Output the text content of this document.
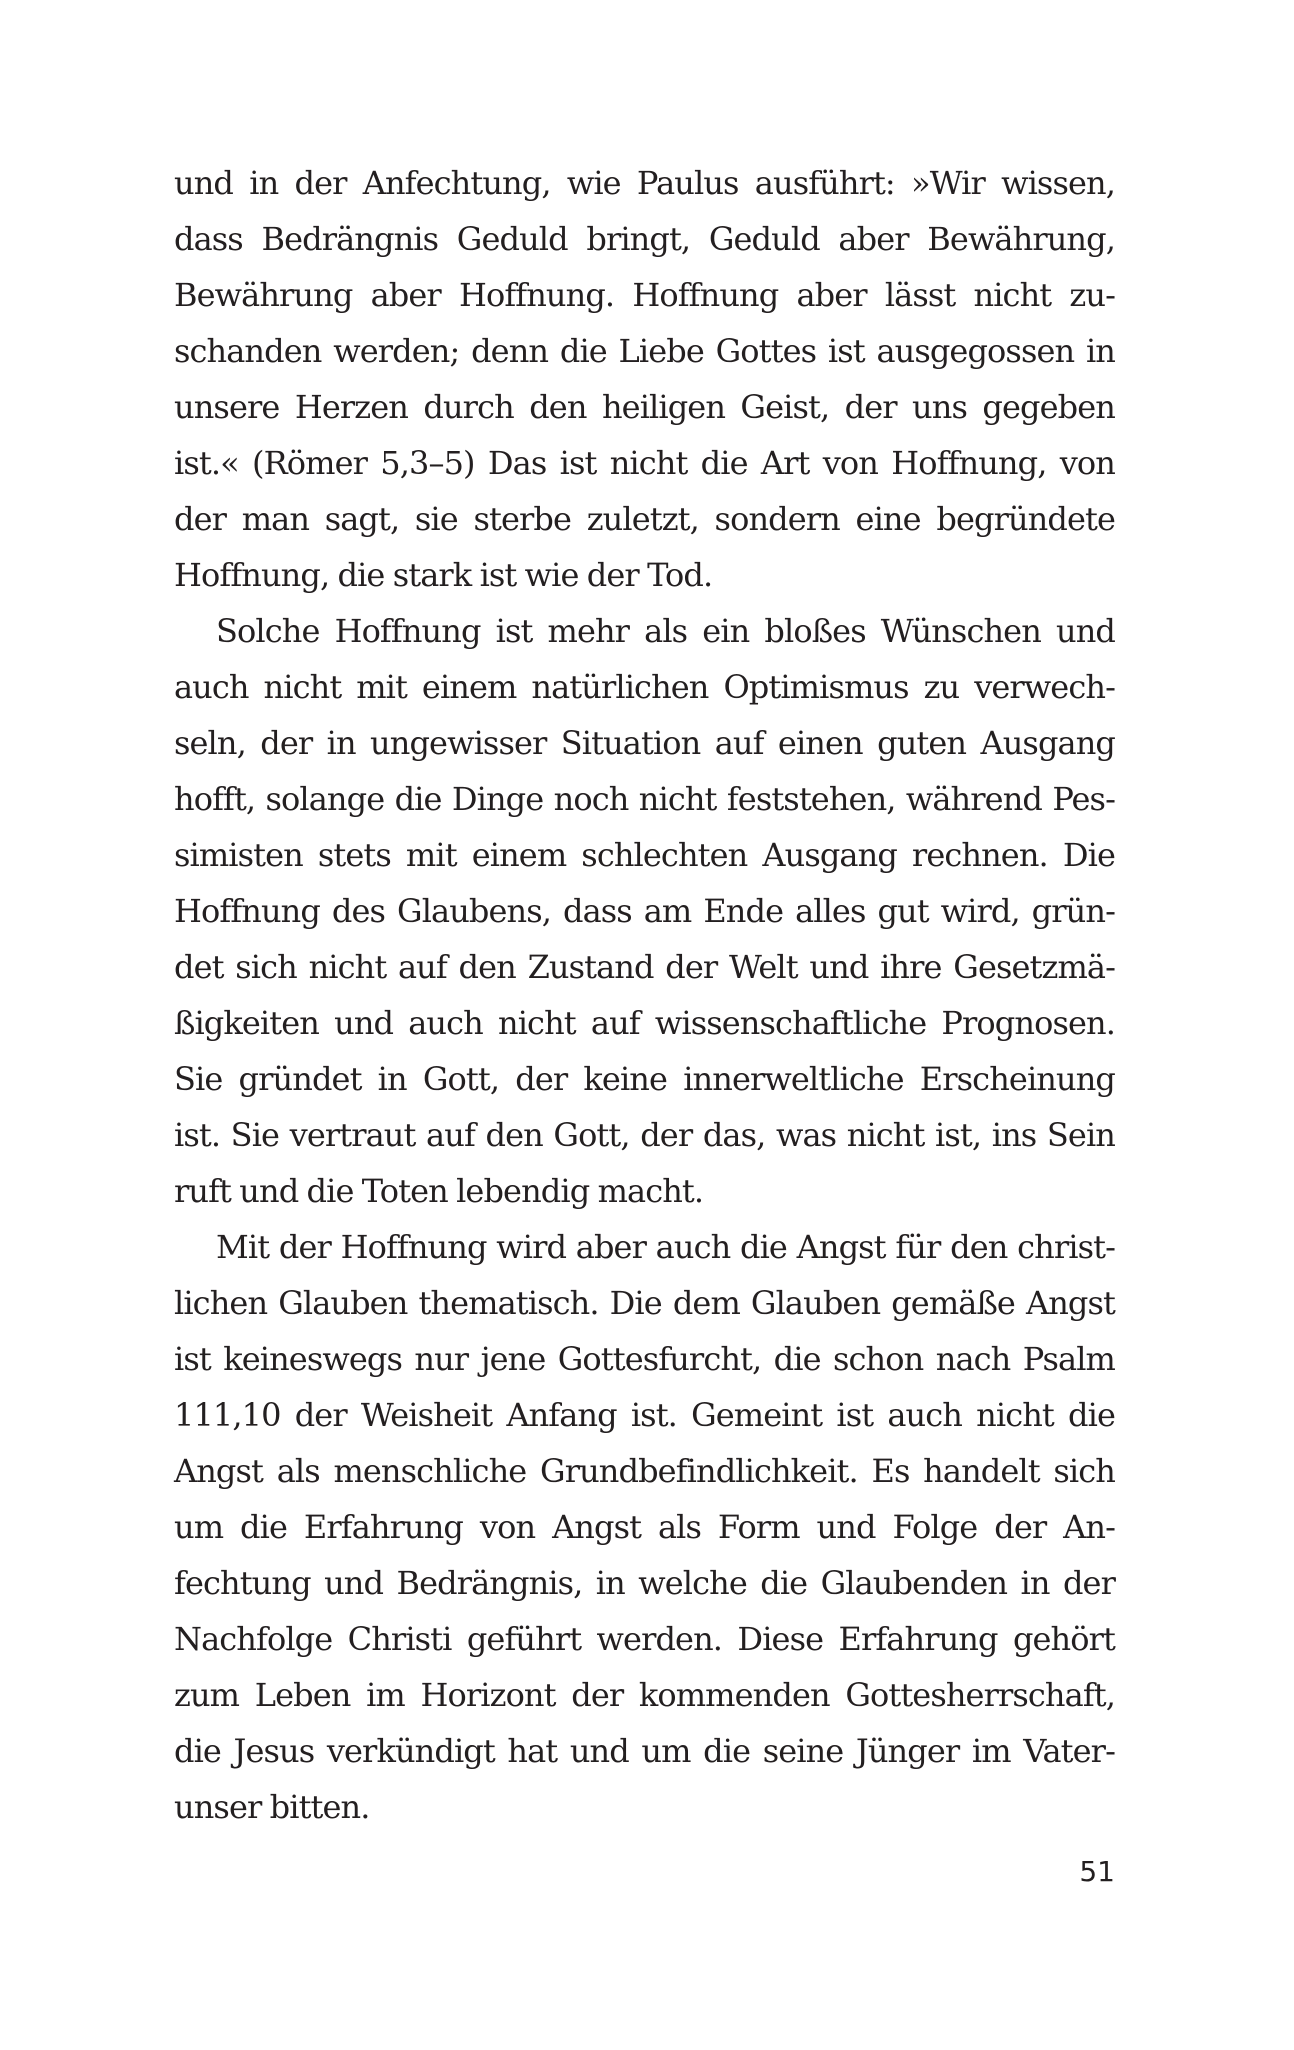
und in der Anfechtung, wie Paulus ausführt: »Wir wissen,
dass Bedrängnis Geduld bringt, Geduld aber Bewährung,
Bewährung aber Hoffnung. Hoffnung aber lässt nicht zu-
schanden werden; denn die Liebe Gottes ist ausgegossen in
unsere Herzen durch den heiligen Geist, der uns gegeben
ist.« (Römer 5,3–5) Das ist nicht die Art von Hoffnung, von
der man sagt, sie sterbe zuletzt, sondern eine begründete
Hoffnung, die stark ist wie der Tod.
Solche Hoffnung ist mehr als ein bloßes Wünschen und
auch nicht mit einem natürlichen Optimismus zu verwech-
seln, der in ungewisser Situation auf einen guten Ausgang
hofft, solange die Dinge noch nicht feststehen, während Pes-
simisten stets mit einem schlechten Ausgang rechnen. Die
Hoffnung des Glaubens, dass am Ende alles gut wird, grün-
det sich nicht auf den Zustand der Welt und ihre Gesetzmä-
ßigkeiten und auch nicht auf wissenschaftliche Prognosen.
Sie gründet in Gott, der keine innerweltliche Erscheinung
ist. Sie vertraut auf den Gott, der das, was nicht ist, ins Sein
ruft und die Toten lebendig macht.
Mit der Hoffnung wird aber auch die Angst für den christ-
lichen Glauben thematisch. Die dem Glauben gemäße Angst
ist keineswegs nur jene Gottesfurcht, die schon nach Psalm
111,10 der Weisheit Anfang ist. Gemeint ist auch nicht die
Angst als menschliche Grundbefindlichkeit. Es handelt sich
um die Erfahrung von Angst als Form und Folge der An-
fechtung und Bedrängnis, in welche die Glaubenden in der
Nachfolge Christi geführt werden. Diese Erfahrung gehört
zum Leben im Horizont der kommenden Gottesherrschaft,
die Jesus verkündigt hat und um die seine Jünger im Vater-
unser bitten.
51
